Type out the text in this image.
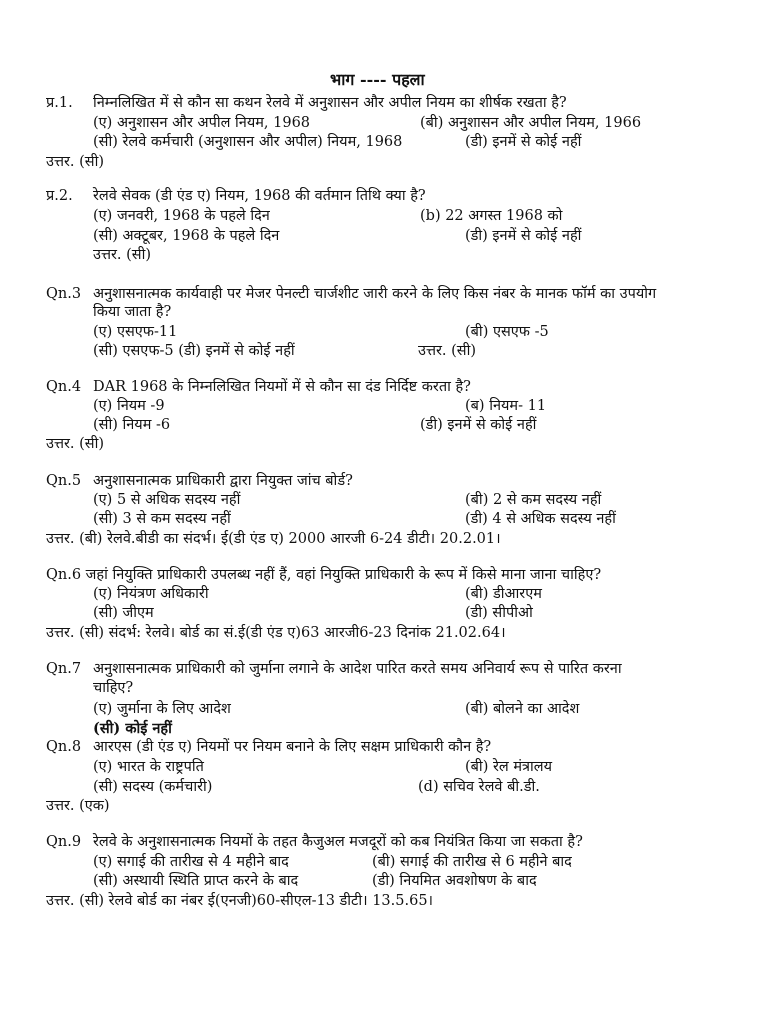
भाग ---- पहला
प्र.1. निम्नलिखित में से कौन सा कथन रेलवे में अनुशासन और अपील नियम का शीर्षक रखता है?
(ए) अनुशासन और अपील नियम, 1968	(बी) अनुशासन और अपील नियम, 1966
(सी) रेलवे कर्मचारी (अनुशासन और अपील) नियम, 1968	(डी) इनमें से कोई नहीं
उत्तर. (सी)
प्र.2. रेलवे सेवक (डी एंड ए) नियम, 1968 की वर्तमान तिथि क्या है?
(ए) जनवरी, 1968 के पहले दिन	(b) 22 अगस्त 1968 को
(सी) अक्टूबर, 1968 के पहले दिन	(डी) इनमें से कोई नहीं
उत्तर. (सी)
Qn.3 अनुशासनात्मक कार्यवाही पर मेजर पेनल्टी चार्जशीट जारी करने के लिए किस नंबर के मानक फॉर्म का उपयोग
किया जाता है?
(ए) एसएफ-11	(बी) एसएफ -5
(सी) एसएफ-5 (डी) इनमें से कोई नहीं	उत्तर. (सी)
Qn.4 DAR 1968 के निम्नलिखित नियमों में से कौन सा दंड निर्दिष्ट करता है?
(ए) नियम -9	(ब) नियम- 11
(सी) नियम -6	(डी) इनमें से कोई नहीं
उत्तर. (सी)
Qn.5 अनुशासनात्मक प्राधिकारी द्वारा नियुक्त जांच बोर्ड?
(ए) 5 से अधिक सदस्य नहीं	(बी) 2 से कम सदस्य नहीं
(सी) 3 से कम सदस्य नहीं	(डी) 4 से अधिक सदस्य नहीं
उत्तर. (बी) रेलवे.बीडी का संदर्भ। ई(डी एंड ए) 2000 आरजी 6-24 डीटी। 20.2.01।
Qn.6 जहां नियुक्ति प्राधिकारी उपलब्ध नहीं हैं, वहां नियुक्ति प्राधिकारी के रूप में किसे माना जाना चाहिए?
(ए) नियंत्रण अधिकारी	(बी) डीआरएम
(सी) जीएम	(डी) सीपीओ
उत्तर. (सी) संदर्भ: रेलवे। बोर्ड का सं.ई(डी एंड ए)63 आरजी6-23 दिनांक 21.02.64।
Qn.7 अनुशासनात्मक प्राधिकारी को जुर्माना लगाने के आदेश पारित करते समय अनिवार्य रूप से पारित करना
चाहिए?
(ए) जुर्माना के लिए आदेश	(बी) बोलने का आदेश
(सी) कोई नहीं
Qn.8 आरएस (डी एंड ए) नियमों पर नियम बनाने के लिए सक्षम प्राधिकारी कौन है?
(ए) भारत के राष्ट्रपति	(बी) रेल मंत्रालय
(सी) सदस्य (कर्मचारी)	(d) सचिव रेलवे बी.डी.
उत्तर. (एक)
Qn.9 रेलवे के अनुशासनात्मक नियमों के तहत कैजुअल मजदूरों को कब नियंत्रित किया जा सकता है?
(ए) सगाई की तारीख से 4 महीने बाद	(बी) सगाई की तारीख से 6 महीने बाद
(सी) अस्थायी स्थिति प्राप्त करने के बाद	(डी) नियमित अवशोषण के बाद
उत्तर. (सी) रेलवे बोर्ड का नंबर ई(एनजी)60-सीएल-13 डीटी। 13.5.65।
